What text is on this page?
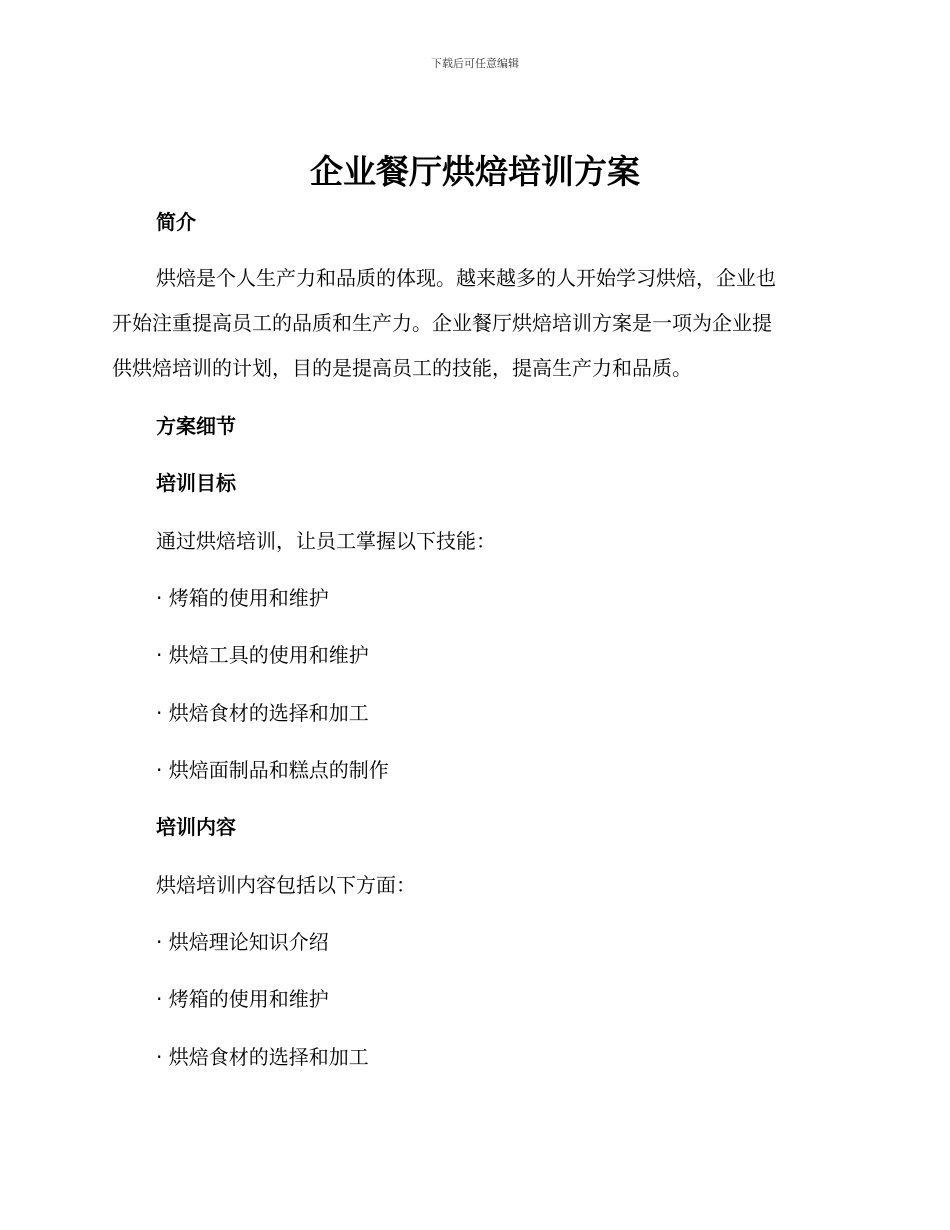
下载后可任意编辑
企业餐厅烘焙培训方案
简介
烘焙是个人生产力和品质的体现。越来越多的人开始学习烘焙，企业也
开始注重提高员工的品质和生产力。企业餐厅烘焙培训方案是一项为企业提
供烘焙培训的计划，目的是提高员工的技能，提高生产力和品质。
方案细节
培训目标
通过烘焙培训，让员工掌握以下技能：
· 烤箱的使用和维护
· 烘焙工具的使用和维护
· 烘焙食材的选择和加工
· 烘焙面制品和糕点的制作
培训内容
烘焙培训内容包括以下方面：
· 烘焙理论知识介绍
· 烤箱的使用和维护
· 烘焙食材的选择和加工
